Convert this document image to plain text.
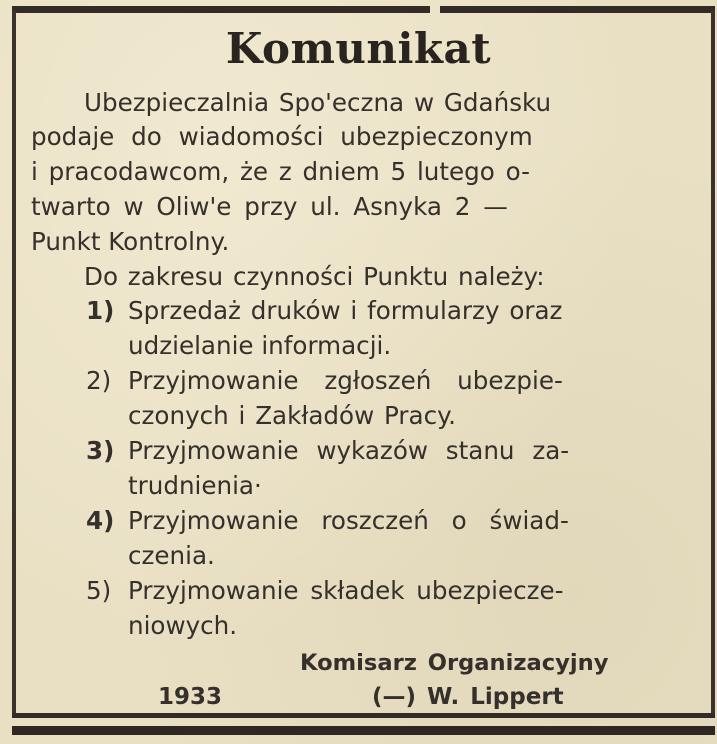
Komunikat
Ubezpieczalnia Spo'eczna w Gdańsku
podaje do wiadomości ubezpieczonym
i pracodawcom, że z dniem 5 lutego o-
twarto w Oliw'e przy ul. Asnyka 2 —
Punkt Kontrolny.
Do zakresu czynności Punktu należy:
1) Sprzedaż druków i formularzy oraz
udzielanie informacji.
2) Przyjmowanie zgłoszeń ubezpie-
czonych i Zakładów Pracy.
3) Przyjmowanie wykazów stanu za-
trudnienia·
4) Przyjmowanie roszczeń o świad-
czenia.
5) Przyjmowanie składek ubezpiecze-
niowych.
Komisarz Organizacyjny
1933	(—) W. Lippert
